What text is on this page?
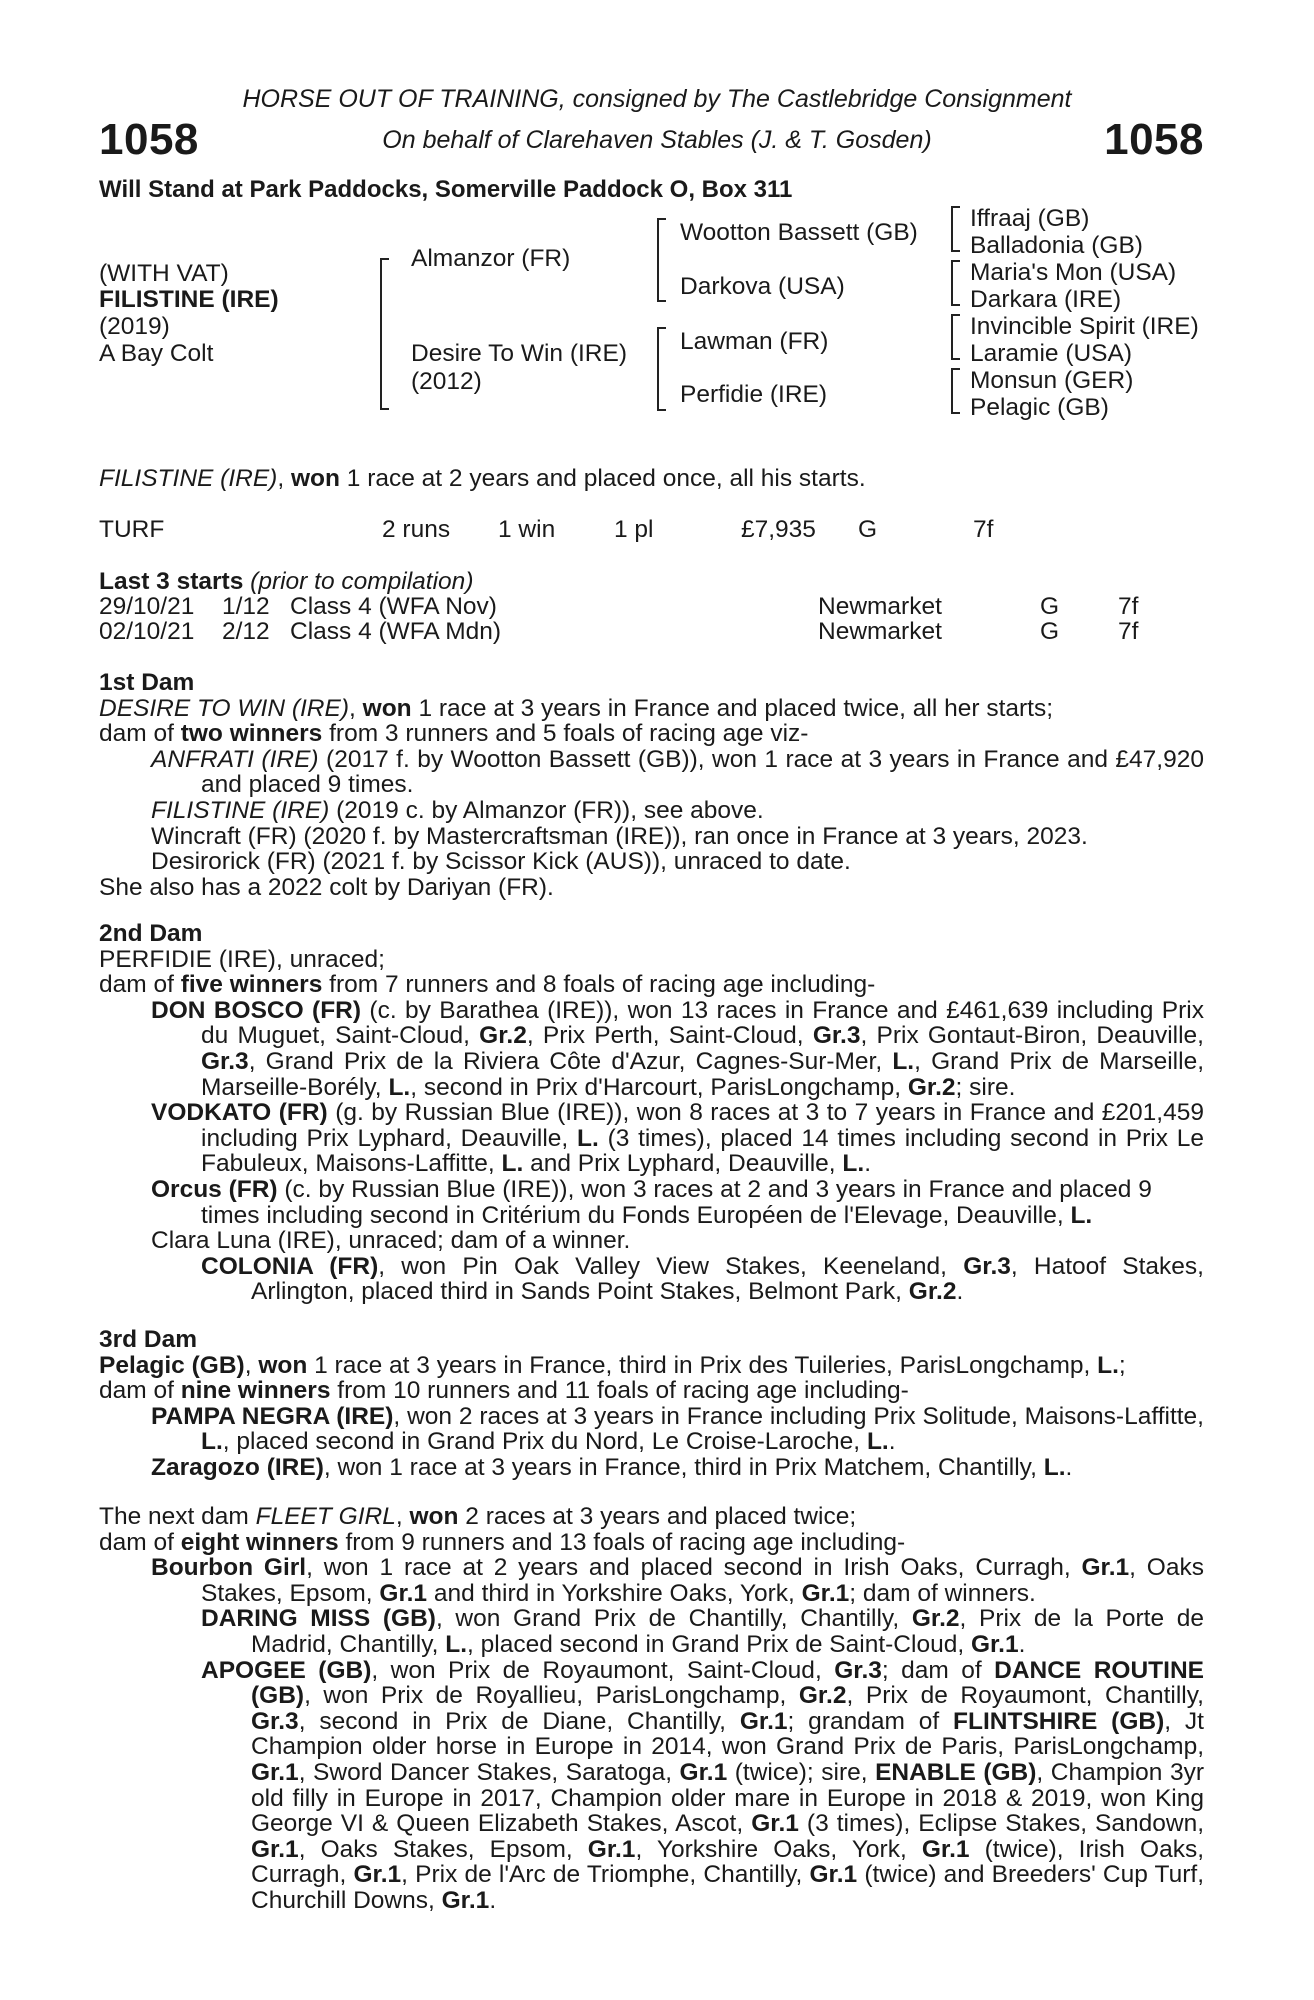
HORSE OUT OF TRAINING, consigned by The Castlebridge Consignment
1058	On behalf of Clarehaven Stables (J. & T. Gosden)	1058
Will Stand at Park Paddocks, Somerville Paddock O, Box 311
(WITH VAT)
FILISTINE (IRE)
(2019)
A Bay Colt
Almanzor (FR)
Desire To Win (IRE)
(2012)
Wootton Bassett (GB)
Darkova (USA)
Lawman (FR)
Perfidie (IRE)
Iffraaj (GB)
Balladonia (GB)
Maria's Mon (USA)
Darkara (IRE)
Invincible Spirit (IRE)
Laramie (USA)
Monsun (GER)
Pelagic (GB)
FILISTINE (IRE), won 1 race at 2 years and placed once, all his starts.
TURF	2 runs 1 win 1 pl	£7,935 G	7f
Last 3 starts (prior to compilation)
29/10/21 1/12 Class 4 (WFA Nov)	Newmarket	G 7f
02/10/21 2/12 Class 4 (WFA Mdn)	Newmarket	G 7f

1st Dam

DESIRE TO WIN (IRE), won 1 race at 3 years in France and placed twice, all her starts;

dam of two winners from 3 runners and 5 foals of racing age viz-

ANFRATI (IRE) (2017 f. by Wootton Bassett (GB)), won 1 race at 3 years in France and £47,920 and placed 9 times.

FILISTINE (IRE) (2019 c. by Almanzor (FR)), see above.

Wincraft (FR) (2020 f. by Mastercraftsman (IRE)), ran once in France at 3 years, 2023.

Desirorick (FR) (2021 f. by Scissor Kick (AUS)), unraced to date.

She also has a 2022 colt by Dariyan (FR).

2nd Dam

PERFIDIE (IRE), unraced;

dam of five winners from 7 runners and 8 foals of racing age including-

DON BOSCO (FR) (c. by Barathea (IRE)), won 13 races in France and £461,639 including Prix du Muguet, Saint-Cloud, Gr.2, Prix Perth, Saint-Cloud, Gr.3, Prix Gontaut-Biron, Deauville, Gr.3, Grand Prix de la Riviera Côte d'Azur, Cagnes-Sur-Mer, L., Grand Prix de Marseille, Marseille-Borély, L., second in Prix d'Harcourt, ParisLongchamp, Gr.2; sire.

VODKATO (FR) (g. by Russian Blue (IRE)), won 8 races at 3 to 7 years in France and £201,459 including Prix Lyphard, Deauville, L. (3 times), placed 14 times including second in Prix Le Fabuleux, Maisons-Laffitte, L. and Prix Lyphard, Deauville, L..

Orcus (FR) (c. by Russian Blue (IRE)), won 3 races at 2 and 3 years in France and placed 9 times including second in Critérium du Fonds Européen de l'Elevage, Deauville, L.

Clara Luna (IRE), unraced; dam of a winner.

COLONIA (FR), won Pin Oak Valley View Stakes, Keeneland, Gr.3, Hatoof Stakes, Arlington, placed third in Sands Point Stakes, Belmont Park, Gr.2.

3rd Dam

Pelagic (GB), won 1 race at 3 years in France, third in Prix des Tuileries, ParisLongchamp, L.;

dam of nine winners from 10 runners and 11 foals of racing age including-

PAMPA NEGRA (IRE), won 2 races at 3 years in France including Prix Solitude, Maisons-Laffitte, L., placed second in Grand Prix du Nord, Le Croise-Laroche, L..

Zaragozo (IRE), won 1 race at 3 years in France, third in Prix Matchem, Chantilly, L..

The next dam FLEET GIRL, won 2 races at 3 years and placed twice;

dam of eight winners from 9 runners and 13 foals of racing age including-

Bourbon Girl, won 1 race at 2 years and placed second in Irish Oaks, Curragh, Gr.1, Oaks Stakes, Epsom, Gr.1 and third in Yorkshire Oaks, York, Gr.1; dam of winners.

DARING MISS (GB), won Grand Prix de Chantilly, Chantilly, Gr.2, Prix de la Porte de Madrid, Chantilly, L., placed second in Grand Prix de Saint-Cloud, Gr.1.

APOGEE (GB), won Prix de Royaumont, Saint-Cloud, Gr.3; dam of DANCE ROUTINE (GB), won Prix de Royallieu, ParisLongchamp, Gr.2, Prix de Royaumont, Chantilly, Gr.3, second in Prix de Diane, Chantilly, Gr.1; grandam of FLINTSHIRE (GB), Jt Champion older horse in Europe in 2014, won Grand Prix de Paris, ParisLongchamp, Gr.1, Sword Dancer Stakes, Saratoga, Gr.1 (twice); sire, ENABLE (GB), Champion 3yr old filly in Europe in 2017, Champion older mare in Europe in 2018 & 2019, won King George VI & Queen Elizabeth Stakes, Ascot, Gr.1 (3 times), Eclipse Stakes, Sandown, Gr.1, Oaks Stakes, Epsom, Gr.1, Yorkshire Oaks, York, Gr.1 (twice), Irish Oaks, Curragh, Gr.1, Prix de l'Arc de Triomphe, Chantilly, Gr.1 (twice) and Breeders' Cup Turf, Churchill Downs, Gr.1.
